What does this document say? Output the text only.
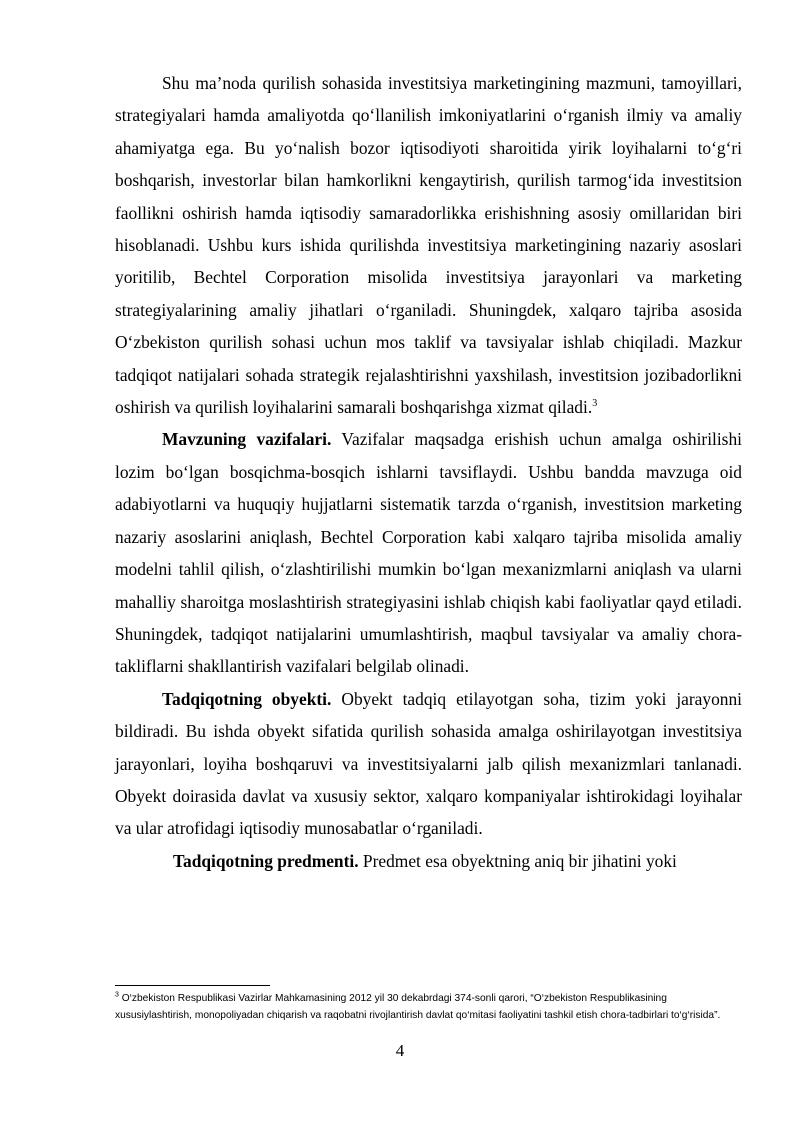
Shu ma’noda qurilish sohasida investitsiya marketingining mazmuni, tamoyillari, strategiyalari hamda amaliyotda qo‘llanilish imkoniyatlarini o‘rganish ilmiy va amaliy ahamiyatga ega. Bu yo‘nalish bozor iqtisodiyoti sharoitida yirik loyihalarni to‘g‘ri boshqarish, investorlar bilan hamkorlikni kengaytirish, qurilish tarmog‘ida investitsion faollikni oshirish hamda iqtisodiy samaradorlikka erishishning asosiy omillaridan biri hisoblanadi. Ushbu kurs ishida qurilishda investitsiya marketingining nazariy asoslari yoritilib, Bechtel Corporation misolida investitsiya jarayonlari va marketing strategiyalarining amaliy jihatlari o‘rganiladi. Shuningdek, xalqaro tajriba asosida O‘zbekiston qurilish sohasi uchun mos taklif va tavsiyalar ishlab chiqiladi. Mazkur tadqiqot natijalari sohada strategik rejalashtirishni yaxshilash, investitsion jozibadorlikni oshirish va qurilish loyihalarini samarali boshqarishga xizmat qiladi.$^3$

Mavzuning vazifalari. Vazifalar maqsadga erishish uchun amalga oshirilishi lozim bo‘lgan bosqichma-bosqich ishlarni tavsiflaydi. Ushbu bandda mavzuga oid adabiyotlarni va huquqiy hujjatlarni sistematik tarzda o‘rganish, investitsion marketing nazariy asoslarini aniqlash, Bechtel Corporation kabi xalqaro tajriba misolida amaliy modelni tahlil qilish, o‘zlashtirilishi mumkin bo‘lgan mexanizmlarni aniqlash va ularni mahalliy sharoitga moslashtirish strategiyasini ishlab chiqish kabi faoliyatlar qayd etiladi. Shuningdek, tadqiqot natijalarini umumlashtirish, maqbul tavsiyalar va amaliy chora-takliflarni shakllantirish vazifalari belgilab olinadi.

Tadqiqotning obyekti. Obyekt tadqiq etilayotgan soha, tizim yoki jarayonni bildiradi. Bu ishda obyekt sifatida qurilish sohasida amalga oshirilayotgan investitsiya jarayonlari, loyiha boshqaruvi va investitsiyalarni jalb qilish mexanizmlari tanlanadi. Obyekt doirasida davlat va xususiy sektor, xalqaro kompaniyalar ishtirokidagi loyihalar va ular atrofidagi iqtisodiy munosabatlar o‘rganiladi.

Tadqiqotning predmenti. Predmet esa obyektning aniq bir jihatini yoki

$^3$ O‘zbekiston Respublikasi Vazirlar Mahkamasining 2012 yil 30 dekabrdagi 374-sonli qarori, “O‘zbekiston Respublikasining xususiylashtirish, monopoliyadan chiqarish va raqobatni rivojlantirish davlat qo‘mitasi faoliyatini tashkil etish chora-tadbirlari to‘g‘risida”.
4
